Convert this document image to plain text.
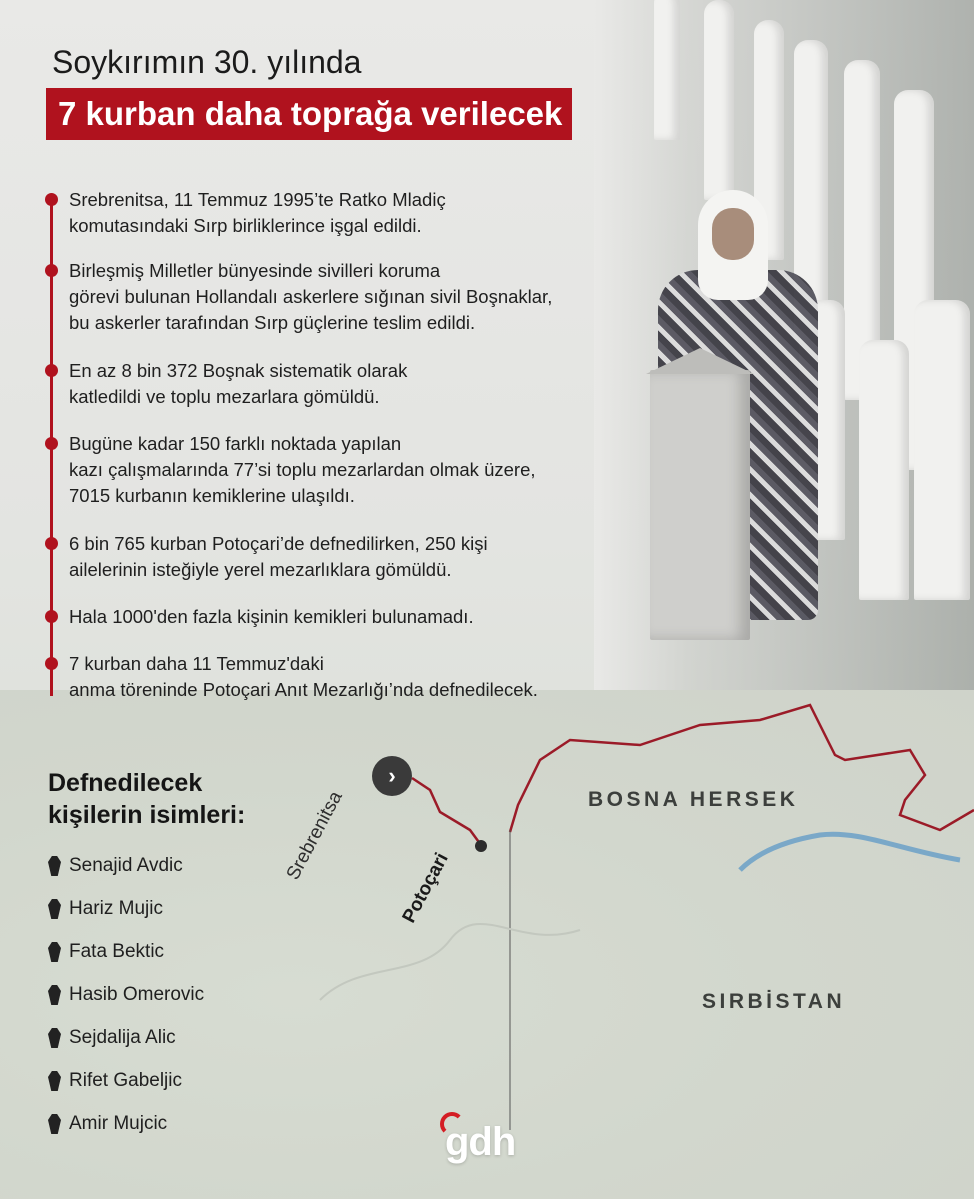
Soykırımın 30. yılında
7 kurban daha toprağa verilecek
Srebrenitsa, 11 Temmuz 1995’te Ratko Mladiç
komutasındaki Sırp birliklerince işgal edildi.
Birleşmiş Milletler bünyesinde sivilleri koruma
görevi bulunan Hollandalı askerlere sığınan sivil Boşnaklar,
bu askerler tarafından Sırp güçlerine teslim edildi.
En az 8 bin 372 Boşnak sistematik olarak
katledildi ve toplu mezarlara gömüldü.
Bugüne kadar 150 farklı noktada yapılan
kazı çalışmalarında 77’si toplu mezarlardan olmak üzere,
7015 kurbanın kemiklerine ulaşıldı.
6 bin 765 kurban Potoçari’de defnedilirken, 250 kişi
ailelerinin isteğiyle yerel mezarlıklara gömüldü.
Hala 1000'den fazla kişinin kemikleri bulunamadı.
7 kurban daha 11 Temmuz'daki
anma töreninde Potoçari Anıt Mezarlığı’nda defnedilecek.
Defnedilecek
kişilerin isimleri:
Senajid Avdic
Hariz Mujic
Fata Bektic
Hasib Omerovic
Sejdalija Alic
Rifet Gabeljic
Amir Mujcic
BOSNA HERSEK
SIRBİSTAN
›
Srebrenitsa
Potoçari
gdh
